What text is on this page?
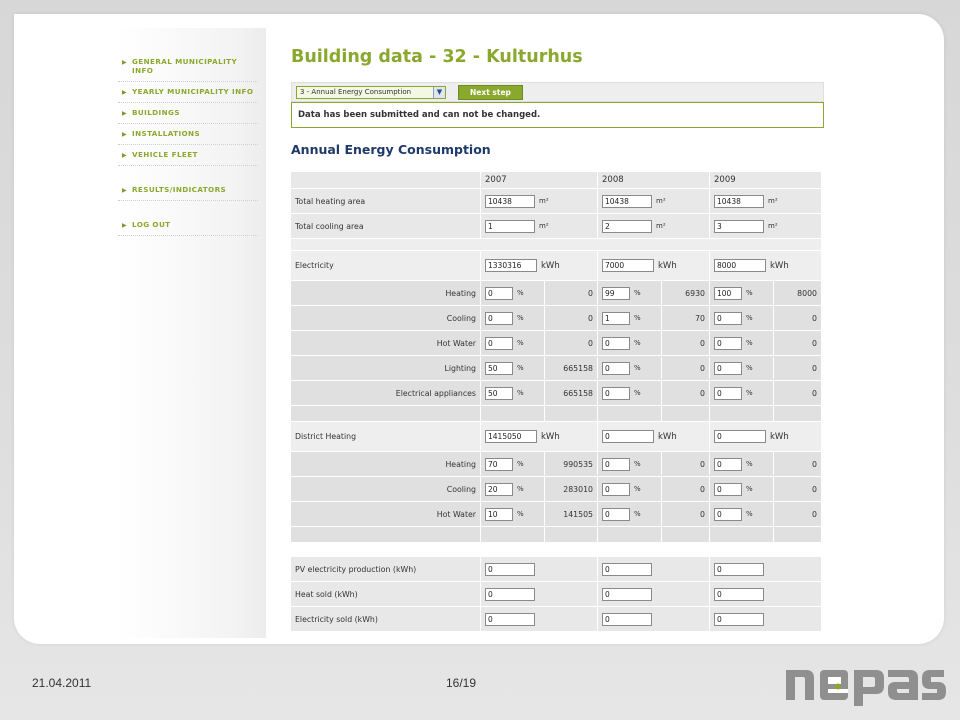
▶ GENERAL MUNICIPALITY INFO
▶ YEARLY MUNICIPALITY INFO
▶ BUILDINGS
▶ INSTALLATIONS
▶ VEHICLE FLEET
▶ RESULTS/INDICATORS
▶ LOG OUT
Building data - 32 - Kulturhus
3 - Annual Energy Consumption	▼	Next step
Data has been submitted and can not be changed.
Annual Energy Consumption
	2007		2008		2009	
Total heating area	10438 m²		10438 m²		10438 m²	
Total cooling area	1 m²		2 m²		3 m²	

Electricity	1330316 kWh		7000 kWh		8000 kWh	
Heating	0 %	0	99 %	6930	100 %	8000
Cooling	0 %	0	1 %	70	0 %	0
Hot Water	0 %	0	0 %	0	0 %	0
Lighting	50 %	665158	0 %	0	0 %	0
Electrical appliances	50 %	665158	0 %	0	0 %	0

District Heating	1415050 kWh		0 kWh		0 kWh	
Heating	70 %	990535	0 %	0	0 %	0
Cooling	20 %	283010	0 %	0	0 %	0
Hot Water	10 %	141505	0 %	0	0 %	0

PV electricity production (kWh)	0		0		0	
Heat sold (kWh)	0		0		0	
Electricity sold (kWh)	0		0		0	
21.04.2011	16/19
